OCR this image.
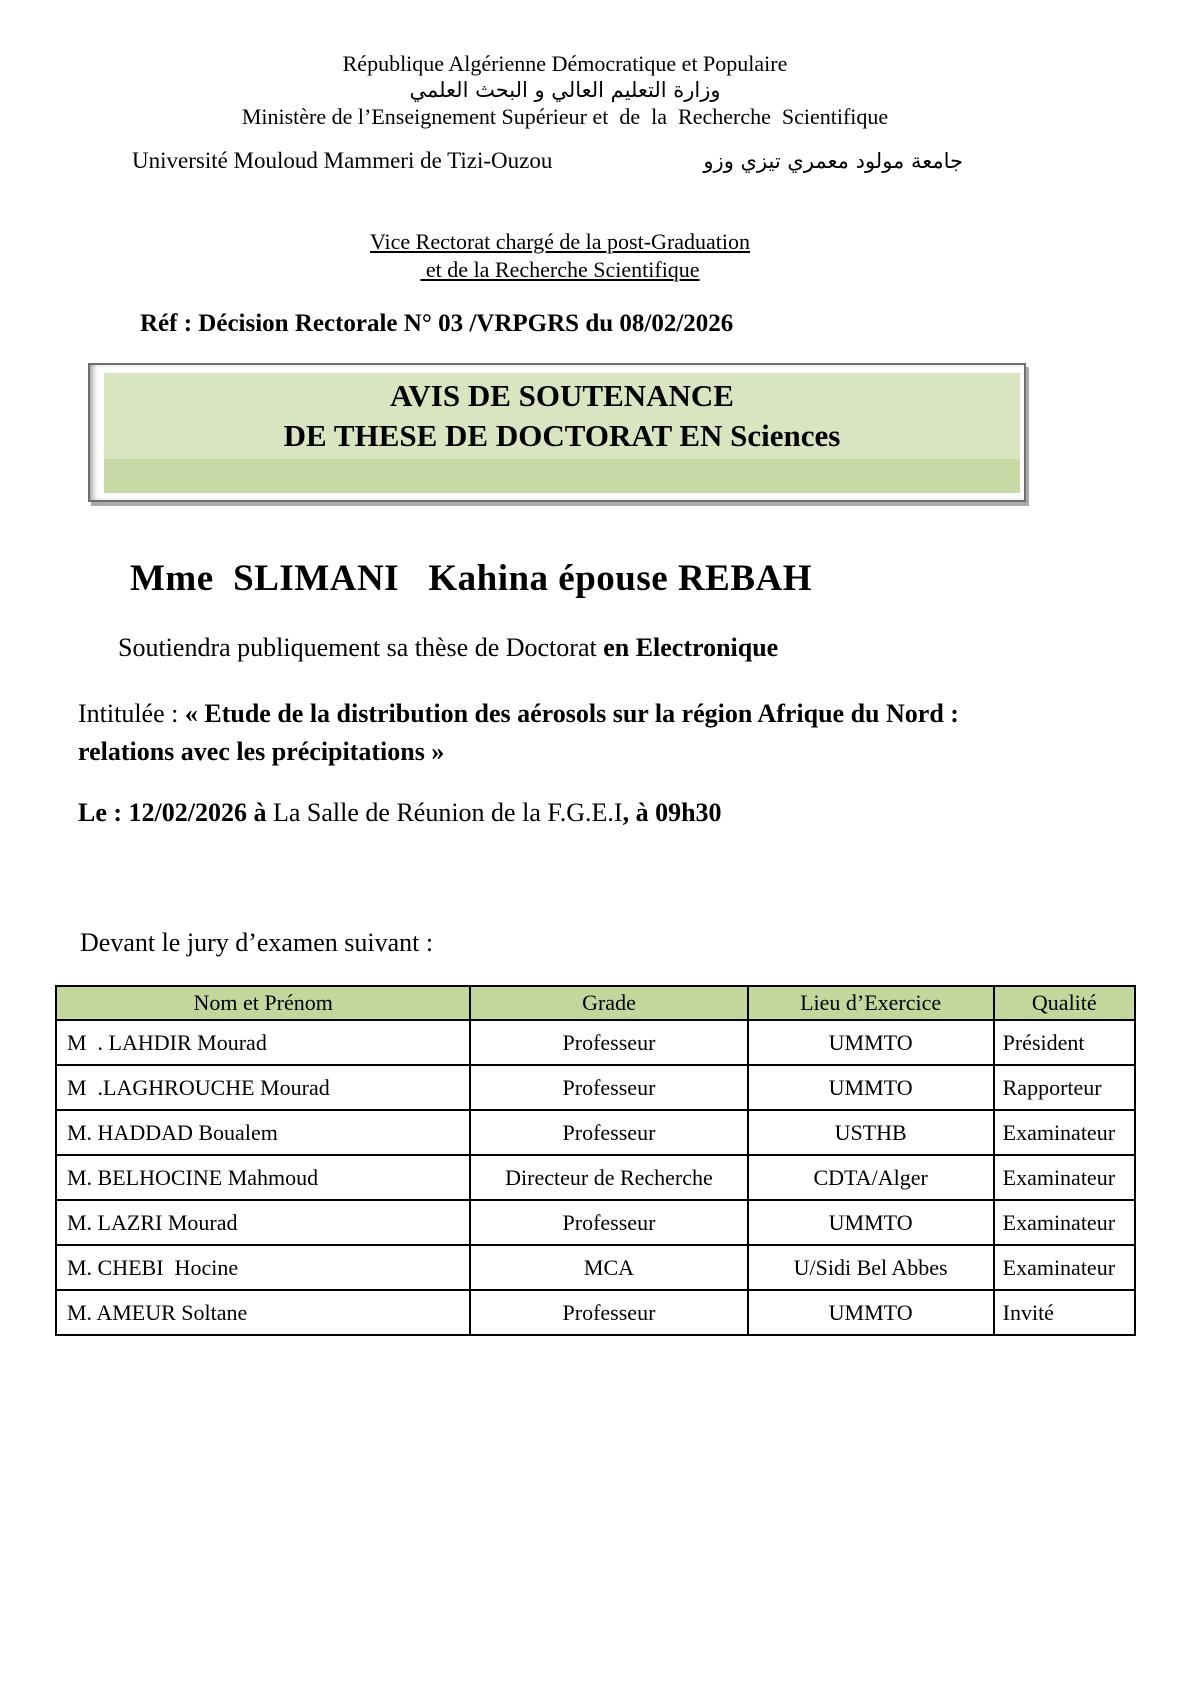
République Algérienne Démocratique et Populaire
وزارة التعليم العالي و البحث العلمي
Ministère de l’Enseignement Supérieur et  de  la  Recherche  Scientifique
Université Mouloud Mammeri de Tizi-Ouzou	جامعة مولود معمري تيزي وزو
Vice Rectorat chargé de la post-Graduation
et de la Recherche Scientifique
Réf : Décision Rectorale N° 03 /VRPGRS du 08/02/2026
AVIS DE SOUTENANCE
DE THESE DE DOCTORAT EN Sciences
Mme  SLIMANI   Kahina épouse REBAH
Soutiendra publiquement sa thèse de Doctorat en Electronique
Intitulée : « Etude de la distribution des aérosols sur la région Afrique du Nord : relations avec les précipitations »
Le : 12/02/2026 à La Salle de Réunion de la F.G.E.I, à 09h30
Devant le jury d’examen suivant :
Nom et Prénom	Grade	Lieu d’Exercice	Qualité
M  . LAHDIR Mourad	Professeur	UMMTO	Président
M  .LAGHROUCHE Mourad	Professeur	UMMTO	Rapporteur
M. HADDAD Boualem	Professeur	USTHB	Examinateur
M. BELHOCINE Mahmoud	Directeur de Recherche	CDTA/Alger	Examinateur
M. LAZRI Mourad	Professeur	UMMTO	Examinateur
M. CHEBI  Hocine	MCA	U/Sidi Bel Abbes	Examinateur
M. AMEUR Soltane	Professeur	UMMTO	Invité
